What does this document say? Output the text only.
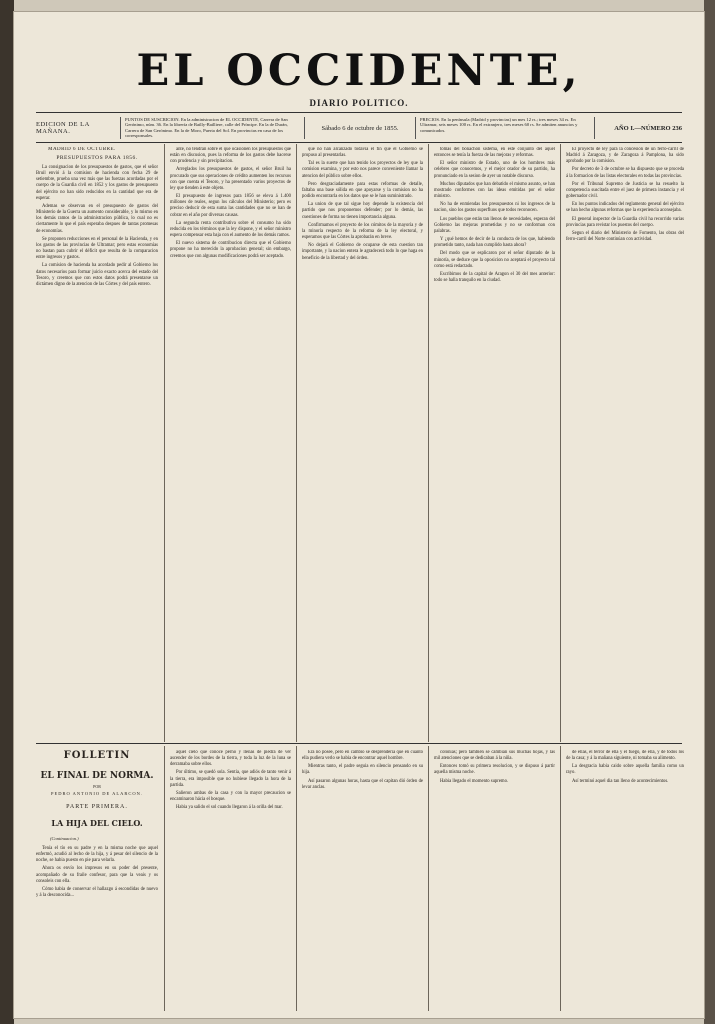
EL OCCIDENTE,
DIARIO POLITICO.
EDICION DE LA MAÑANA.
PUNTOS DE SUSCRICION. En la administracion de EL OCCIDENTE, Carrera de San Gerónimo, núm. 36. En la librería de Bailly-Bailliere, calle del Príncipe. En la de Durán, Carrera de San Gerónimo. En la de Moro, Puerta del Sol. En provincias en casa de los corresponsales.
Sábado 6 de octubre de 1855.
PRECIOS. En la península (Madrid y provincias) un mes 12 rs.; tres meses 34 rs. En Ultramar, seis meses 100 rs. En el extranjero, tres meses 60 rs. Se admiten anuncios y comunicados.	AÑO I.—NÚMERO 236
MADRID 6 DE OCTUBRE.
PRESUPUESTOS PARA 1856.

La consignacion de los presupuestos de gastos, que el señor Bruil envió á la comision de hacienda con fecha 29 de setiembre, prueba una vez más que las fuerzas acordadas por el cuerpo de la Guardia civil en 1852 y los gastos de presupuesto del ejército no han sido reducidos en la cantidad que era de esperar.

Ademas se observan en el presupuesto de gastos del Ministerio de la Guerra un aumento considerable, y lo mismo en los demás ramos de la administracion pública, lo cual no es ciertamente lo que el país esperaba despues de tantas promesas de economías.

Se proponen reducciones en el personal de la Hacienda, y en los gastos de las provincias de Ultramar; pero estas economías no bastan para cubrir el déficit que resulta de la comparacion entre ingresos y gastos.

La comision de hacienda ha acordado pedir al Gobierno los datos necesarios para formar juicio exacto acerca del estado del Tesoro, y creemos que con estos datos podrá presentarse un dictámen digno de la atencion de las Córtes y del país entero.

ante, no tendrán sobre el que ocasionen los presupuestos que están en discusion, pues la reforma de los gastos debe hacerse con prudencia y sin precipitacion.

Arreglados los presupuestos de gastos, el señor Bruil ha procurado que sus operaciones de crédito aumenten los recursos con que cuenta el Tesoro, y ha presentado varios proyectos de ley que tienden á este objeto.

El presupuesto de ingresos para 1856 se eleva á 1.400 millones de reales, segun los cálculos del Ministerio; pero es preciso deducir de esta suma las cantidades que no se han de cobrar en el año por diversas causas.

La segunda renta contributiva sobre el consumo ha sido reducida en los términos que la ley dispone, y el señor ministro espera compensar esta baja con el aumento de los demás ramos.

El nuevo sistema de contribucion directa que el Gobierno propone no ha merecido la aprobacion general; sin embargo, creemos que con algunas modificaciones podrá ser aceptado.

que no han alcanzado todavía el fin que el Gobierno se propuso al presentarlas.

Tal es la suerte que han tenido los proyectos de ley que la comision examina, y por esto nos parece conveniente llamar la atencion del público sobre ellos.

Pero desgraciadamente para estas reformas de detalle, faltaba una base sólida en que apoyarse y la comision no ha podido encontrarla en los datos que se le han suministrado.

La union de que tal sigue hoy depende la existencia del partido que nos proponemos defender; por lo demás, las cuestiones de forma no tienen importancia alguna.

Confirmamos el proyecto de los cómitos de la mayoría y de la minoría respecto de la reforma de la ley electoral, y esperamos que las Córtes la aprobarán en breve.

No dejará el Gobierno de ocuparse de esta cuestion tan importante, y la nacion entera le agradecerá todo lo que haga en beneficio de la libertad y del órden.

tomas del bonachón sistema, en este conjunto del aquel entonces se tenía la fuerza de las mejoras y reformas.

El señor ministro de Estado, uno de los hombres más celebres que conocemos, y el mejor orador de su partido, ha pronunciado en la sesion de ayer un notable discurso.

Muchos diputados que han debatido el mismo asunto, se han mostrado conformes con las ideas emitidas por el señor ministro.

No ha de enmiendas los presupuestos ni los ingresos de la nacion, sino los gastos superfluos que todos reconocen.

Los pueblos que están tan llenos de necesidades, esperan del Gobierno las mejoras prometidas y no se conforman con palabras.

Y ¿qué hemos de decir de la conducta de los que, habiendo prometido tanto, nada han cumplido hasta ahora?

Del modo que se esplicaron por el señor diputado de la minoría, se deduce que la oposicion no aceptará el proyecto tal como está redactado.

Escribimos de la capital de Aragon el 30 del mes anterior: todo se halla tranquilo en la ciudad.

El proyecto de ley para la concesion de un ferro-carril de Madrid á Zaragoza, y de Zaragoza á Pamplona, ha sido aprobado por la comision.

Por decreto de 3 de octubre se ha dispuesto que se proceda á la formacion de las listas electorales en todas las provincias.

Por el Tribunal Supremo de Justicia se ha resuelto la competencia suscitada entre el juez de primera instancia y el gobernador civil.

En los puntos indicados del reglamento general del ejército se han hecho algunas reformas que la experiencia aconsejaba.

El general inspector de la Guardia civil ha recorrido varias provincias para revistar los puestos del cuerpo.

Segun el diario del Ministerio de Fomento, las obras del ferro-carril del Norte continúan con actividad.

FOLLETIN
EL FINAL DE NORMA.
POR
PEDRO ANTONIO DE ALARCON.
PARTE PRIMERA.
LA HIJA DEL CIELO.
(Continuacion.)

Tenía el tío en su padre y en la misma noche que aquel enfermó, acudió al lecho de la hija, y á pesar del silencio de la noche, se habia puesto en pie para velarla.

Ahora os envío los impresos en su poder del presente, acompañado de su fraile confesor, para que la veais y os consoleis con ella.

Cómo habia de conservar el hallazgo á escondidas de nuevo y á la desconocida...

aquel cielo que conoce perno y llenas de piedra de ver ascender de los bordes de la tierra, y toda la luz de la luna se derramaba sobre ellos.

Por último, se quedó sola. Sentia, que adiós de tanto venir á la tierra, era imposible que no hubiese llegado la hora de la partida.

Salieron ambas de la casa y con la mayor precaucion se encaminaron hácia el bosque.

Habia ya salido el sol cuando llegaron á la orilla del mar.

Era no posee, pero en cambio se desprenderia que en cuanto ella pudiera verlo se habia de encontrar aquel hombre.

Mientras tanto, el padre seguia en silencio pensando en su hija.

Así pasaron algunas horas, hasta que el capitan dió órden de levar anclas.

colonias; pero también se cambian sus muchas hojas, y las mil atenciones que se dedicaban á la niña.

Entonces tomó su primera resolucion, y se dispuso á partir aquella misma noche.

Habia llegado el momento supremo.

de ellas, el terror de ella y el fuego, de ella, y de todos los de la casa; y á la mañana siguiente, ni tomaba su alimento.

La desgracia habia caido sobre aquella familia como un rayo.

Así terminó aquel dia tan lleno de acontecimientos.
